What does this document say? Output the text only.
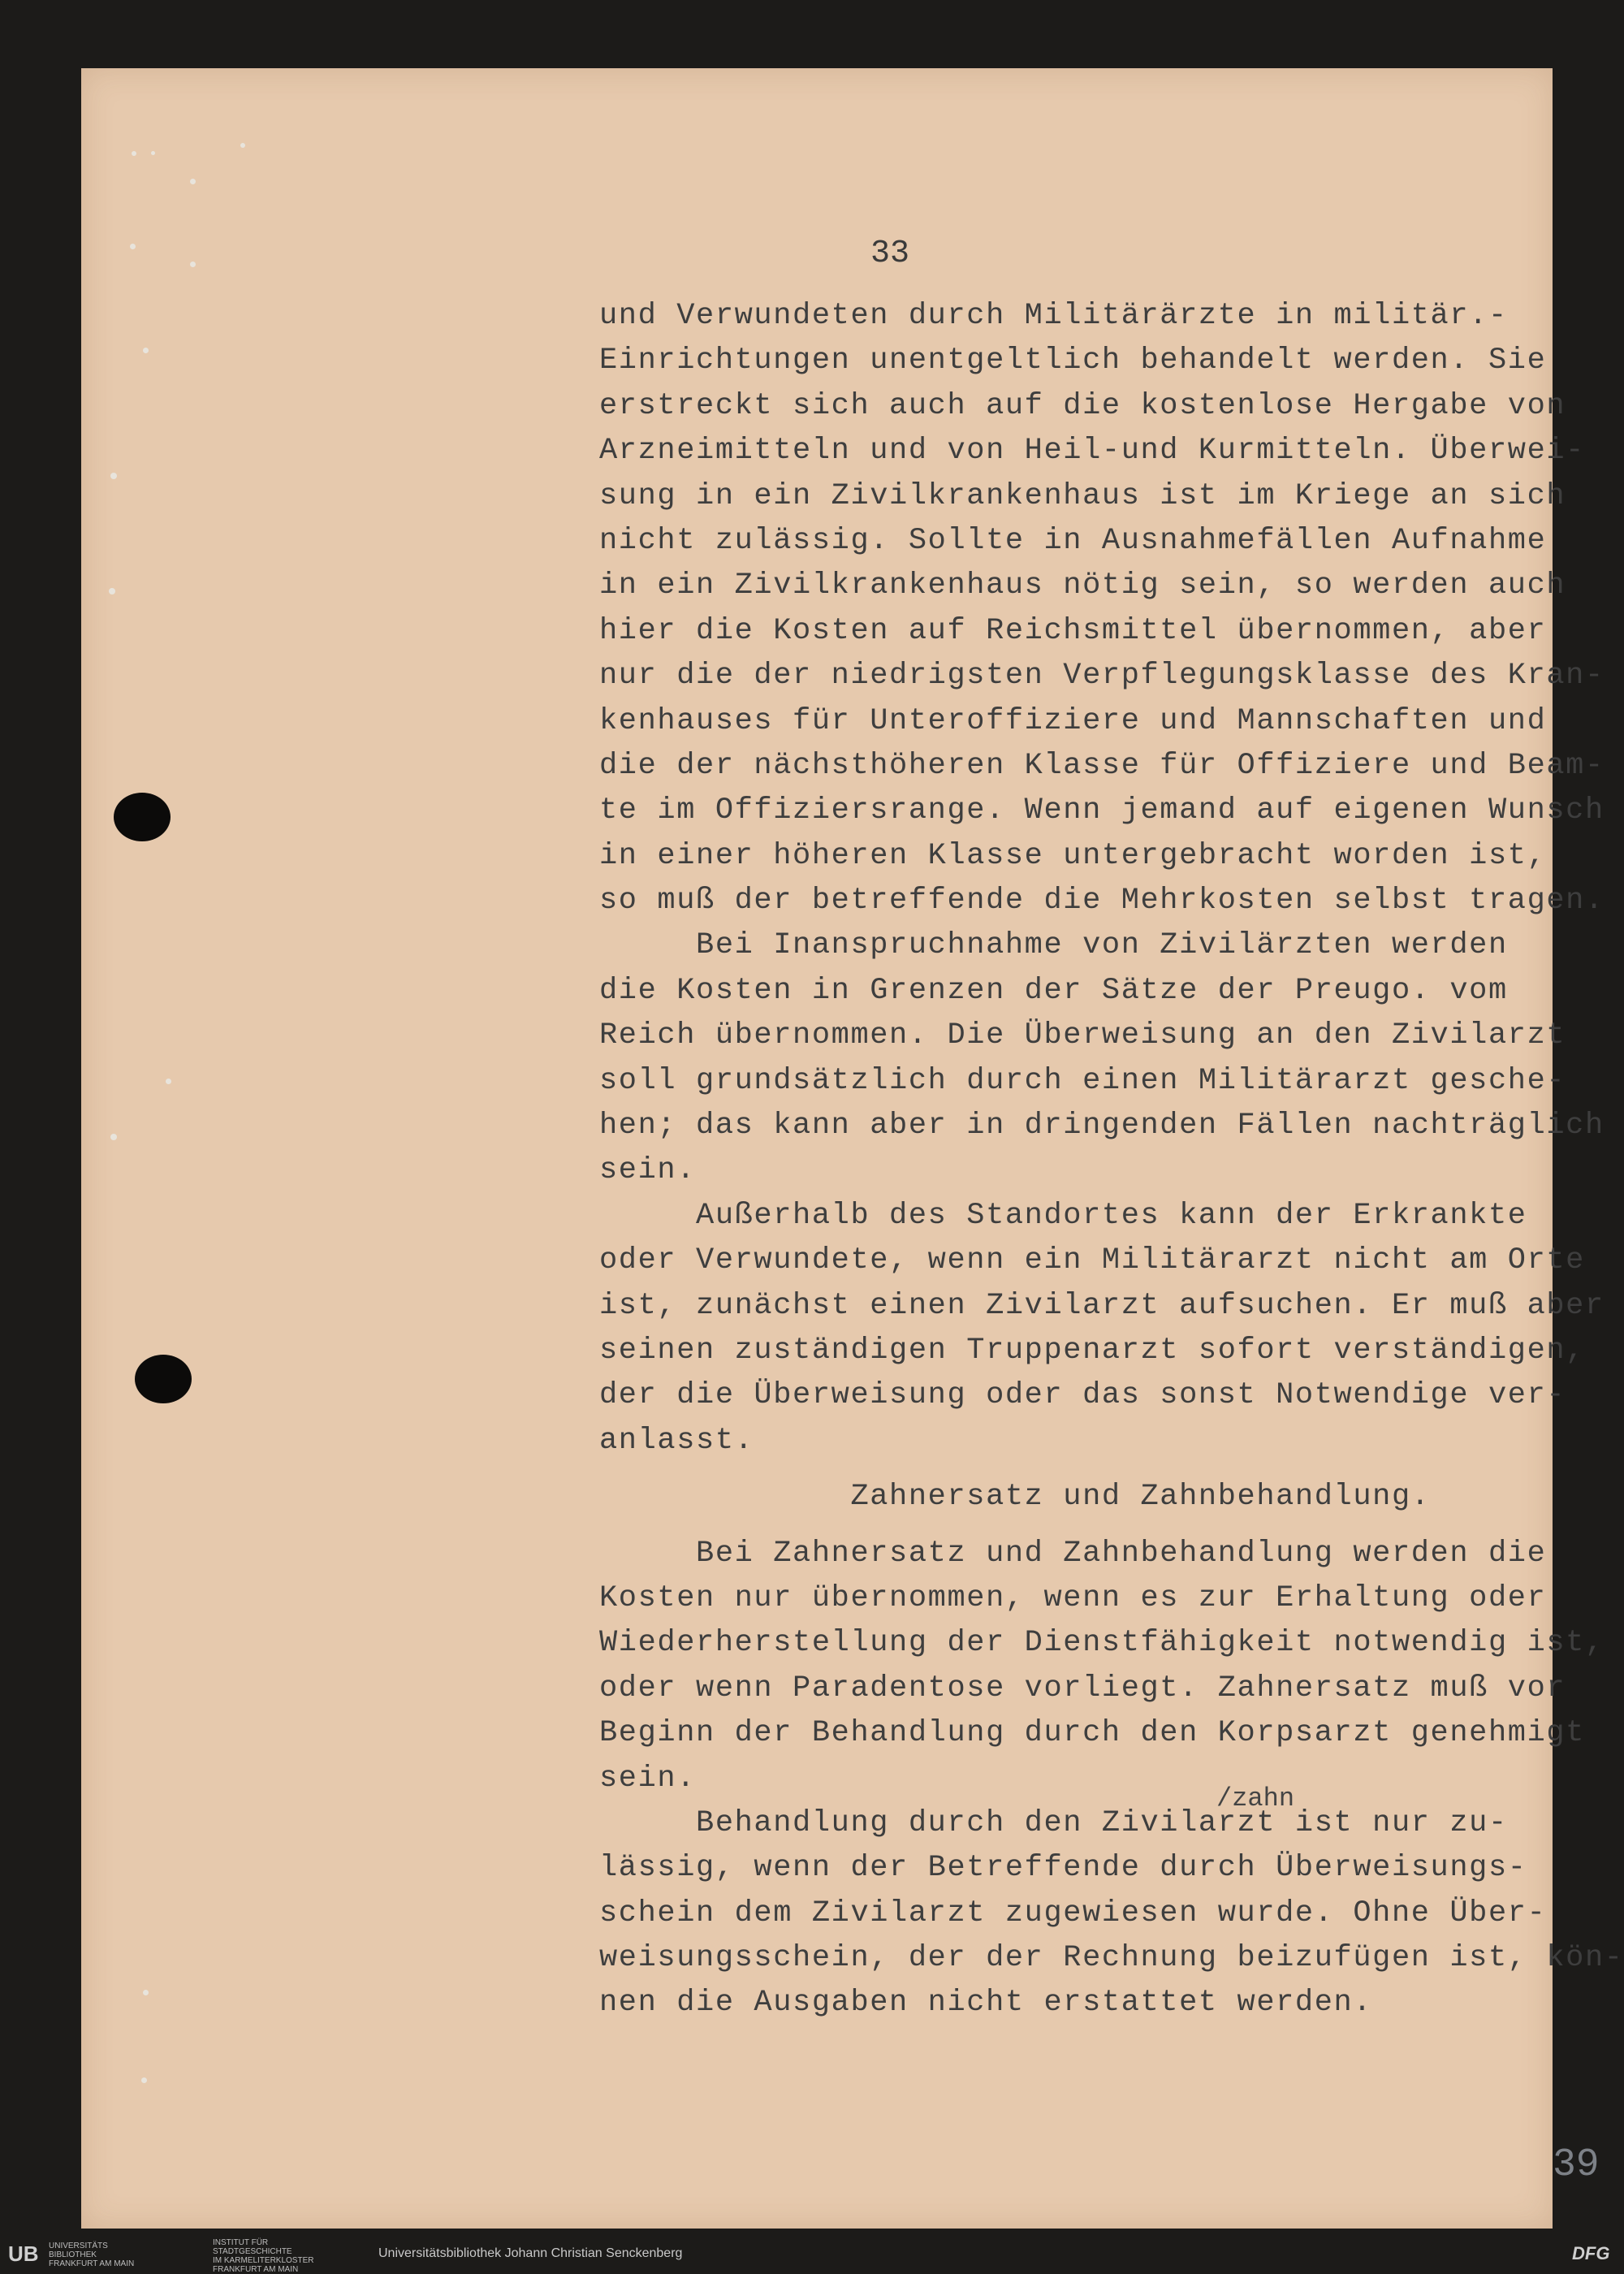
33
und Verwundeten durch Militärärzte in militär.-
Einrichtungen unentgeltlich behandelt werden. Sie
erstreckt sich auch auf die kostenlose Hergabe von
Arzneimitteln und von Heil-und Kurmitteln. Überwei-
sung in ein Zivilkrankenhaus ist im Kriege an sich
nicht zulässig. Sollte in Ausnahmefällen Aufnahme
in ein Zivilkrankenhaus nötig sein, so werden auch
hier die Kosten auf Reichsmittel übernommen, aber
nur die der niedrigsten Verpflegungsklasse des Kran-
kenhauses für Unteroffiziere und Mannschaften und
die der nächsthöheren Klasse für Offiziere und Beam-
te im Offiziersrange. Wenn jemand auf eigenen Wunsch
in einer höheren Klasse untergebracht worden ist,
so muß der betreffende die Mehrkosten selbst tragen.
Bei Inanspruchnahme von Zivilärzten werden
die Kosten in Grenzen der Sätze der Preugo. vom
Reich übernommen. Die Überweisung an den Zivilarzt
soll grundsätzlich durch einen Militärarzt gesche-
hen; das kann aber in dringenden Fällen nachträglich
sein.
Außerhalb des Standortes kann der Erkrankte
oder Verwundete, wenn ein Militärarzt nicht am Orte
ist, zunächst einen Zivilarzt aufsuchen. Er muß aber
seinen zuständigen Truppenarzt sofort verständigen,
der die Überweisung oder das sonst Notwendige ver-
anlasst.
Zahnersatz und Zahnbehandlung.
Bei Zahnersatz und Zahnbehandlung werden die
Kosten nur übernommen, wenn es zur Erhaltung oder
Wiederherstellung der Dienstfähigkeit notwendig ist,
oder wenn Paradentose vorliegt. Zahnersatz muß vor
Beginn der Behandlung durch den Korpsarzt genehmigt
sein.
Behandlung durch den Zivilarzt ist nur zu-
lässig, wenn der Betreffende durch Überweisungs-
schein dem Zivilarzt zugewiesen wurde. Ohne Über-
weisungsschein, der der Rechnung beizufügen ist, kön-
nen die Ausgaben nicht erstattet werden.
/zahn
39
UB UNIVERSITÄTS
BIBLIOTHEK
FRANKFURT AM MAIN
INSTITUT FÜR
STADTGESCHICHTE
IM KARMELITERKLOSTER
FRANKFURT AM MAIN
Universitätsbibliothek Johann Christian Senckenberg	DFG
